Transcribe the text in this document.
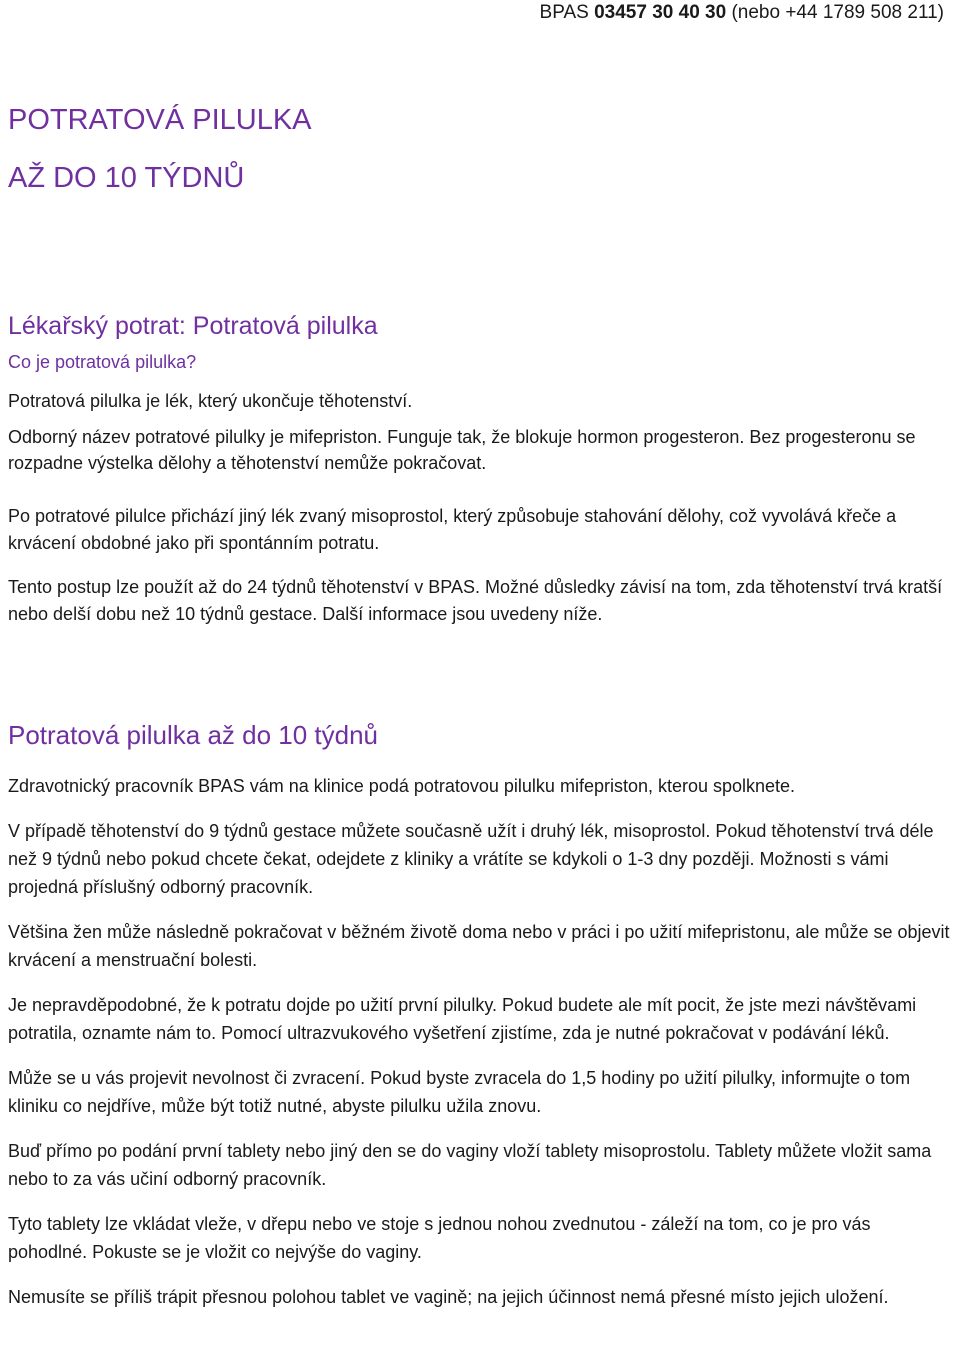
BPAS 03457 30 40 30 (nebo +44 1789 508 211)
POTRATOVÁ PILULKA
AŽ DO 10 TÝDNŮ
Lékařský potrat: Potratová pilulka
Co je potratová pilulka?

Potratová pilulka je lék, který ukončuje těhotenství.

Odborný název potratové pilulky je mifepriston. Funguje tak, že blokuje hormon progesteron. Bez progesteronu se rozpadne výstelka dělohy a těhotenství nemůže pokračovat.

Po potratové pilulce přichází jiný lék zvaný misoprostol, který způsobuje stahování dělohy, což vyvolává křeče a krvácení obdobné jako při spontánním potratu.

Tento postup lze použít až do 24 týdnů těhotenství v BPAS. Možné důsledky závisí na tom, zda těhotenství trvá kratší nebo delší dobu než 10 týdnů gestace. Další informace jsou uvedeny níže.

Potratová pilulka až do 10 týdnů

Zdravotnický pracovník BPAS vám na klinice podá potratovou pilulku mifepriston, kterou spolknete.

V případě těhotenství do 9 týdnů gestace můžete současně užít i druhý lék, misoprostol. Pokud těhotenství trvá déle než 9 týdnů nebo pokud chcete čekat, odejdete z kliniky a vrátíte se kdykoli o 1-3 dny později. Možnosti s vámi projedná příslušný odborný pracovník.

Většina žen může následně pokračovat v běžném životě doma nebo v práci i po užití mifepristonu, ale může se objevit krvácení a menstruační bolesti.

Je nepravděpodobné, že k potratu dojde po užití první pilulky. Pokud budete ale mít pocit, že jste mezi návštěvami potratila, oznamte nám to. Pomocí ultrazvukového vyšetření zjistíme, zda je nutné pokračovat v podávání léků.

Může se u vás projevit nevolnost či zvracení. Pokud byste zvracela do 1,5 hodiny po užití pilulky, informujte o tom kliniku co nejdříve, může být totiž nutné, abyste pilulku užila znovu.

Buď přímo po podání první tablety nebo jiný den se do vaginy vloží tablety misoprostolu. Tablety můžete vložit sama nebo to za vás učiní odborný pracovník.

Tyto tablety lze vkládat vleže, v dřepu nebo ve stoje s jednou nohou zvednutou - záleží na tom, co je pro vás pohodlné. Pokuste se je vložit co nejvýše do vaginy.

Nemusíte se příliš trápit přesnou polohou tablet ve vagině; na jejich účinnost nemá přesné místo jejich uložení.
